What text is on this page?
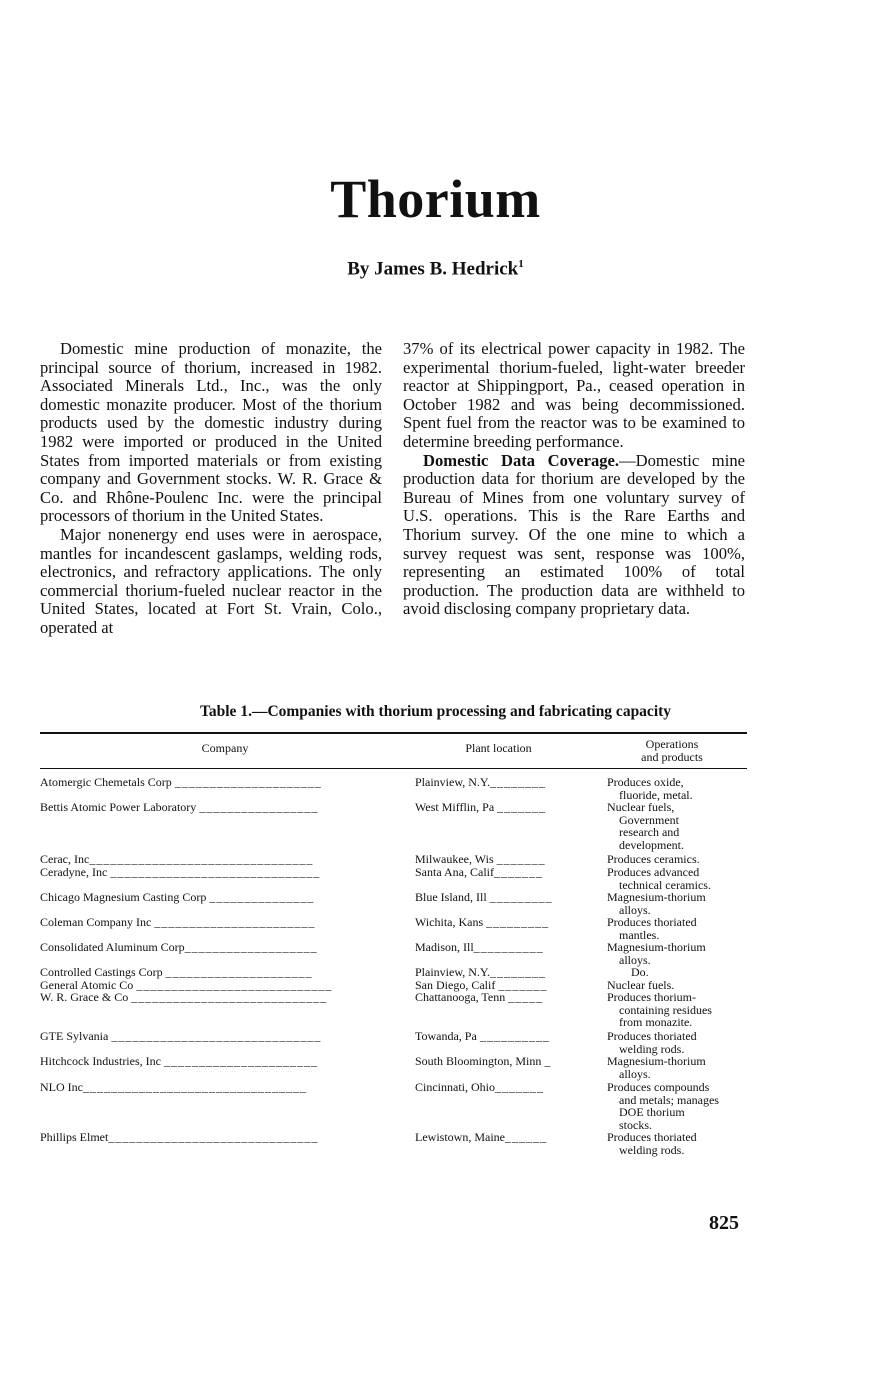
Thorium
By James B. Hedrick$^1$

Domestic mine production of monazite, the principal source of thorium, increased in 1982. Associated Minerals Ltd., Inc., was the only domestic monazite producer. Most of the thorium products used by the domestic industry during 1982 were imported or produced in the United States from imported materials or from existing company and Government stocks. W. R. Grace & Co. and Rhône-Poulenc Inc. were the principal processors of thorium in the United States.

Major nonenergy end uses were in aerospace, mantles for incandescent gaslamps, welding rods, electronics, and refractory applications. The only commercial thorium-fueled nuclear reactor in the United States, located at Fort St. Vrain, Colo., operated at

37% of its electrical power capacity in 1982. The experimental thorium-fueled, light-water breeder reactor at Shippingport, Pa., ceased operation in October 1982 and was being decommissioned. Spent fuel from the reactor was to be examined to determine breeding performance.

Domestic Data Coverage.—Domestic mine production data for thorium are developed by the Bureau of Mines from one voluntary survey of U.S. operations. This is the Rare Earths and Thorium survey. Of the one mine to which a survey request was sent, response was 100%, representing an estimated 100% of total production. The production data are withheld to avoid disclosing company proprietary data.

Table 1.—Companies with thorium processing and fabricating capacity
Company	Plant location	Operations
and products
Atomergic Chemetals Corp _____________________	Plainview, N.Y.________	Produces oxide,
fluoride, metal.
Bettis Atomic Power Laboratory _________________	West Mifflin, Pa _______	Nuclear fuels,
Government
research and
development.
Cerac, Inc________________________________	Milwaukee, Wis _______	Produces ceramics.
Ceradyne, Inc ______________________________	Santa Ana, Calif_______	Produces advanced
technical ceramics.
Chicago Magnesium Casting Corp _______________	Blue Island, Ill _________	Magnesium-thorium
alloys.
Coleman Company Inc _______________________	Wichita, Kans _________	Produces thoriated
mantles.
Consolidated Aluminum Corp___________________	Madison, Ill__________	Magnesium-thorium
alloys.
Controlled Castings Corp _____________________	Plainview, N.Y.________	Do.
General Atomic Co ____________________________	San Diego, Calif _______	Nuclear fuels.
W. R. Grace & Co ____________________________	Chattanooga, Tenn _____	Produces thorium-
containing residues
from monazite.
GTE Sylvania ______________________________	Towanda, Pa __________	Produces thoriated
welding rods.
Hitchcock Industries, Inc ______________________	South Bloomington, Minn _	Magnesium-thorium
alloys.
NLO Inc________________________________	Cincinnati, Ohio_______	Produces compounds
and metals; manages
DOE thorium
stocks.
Phillips Elmet______________________________	Lewistown, Maine______	Produces thoriated
welding rods.
825
